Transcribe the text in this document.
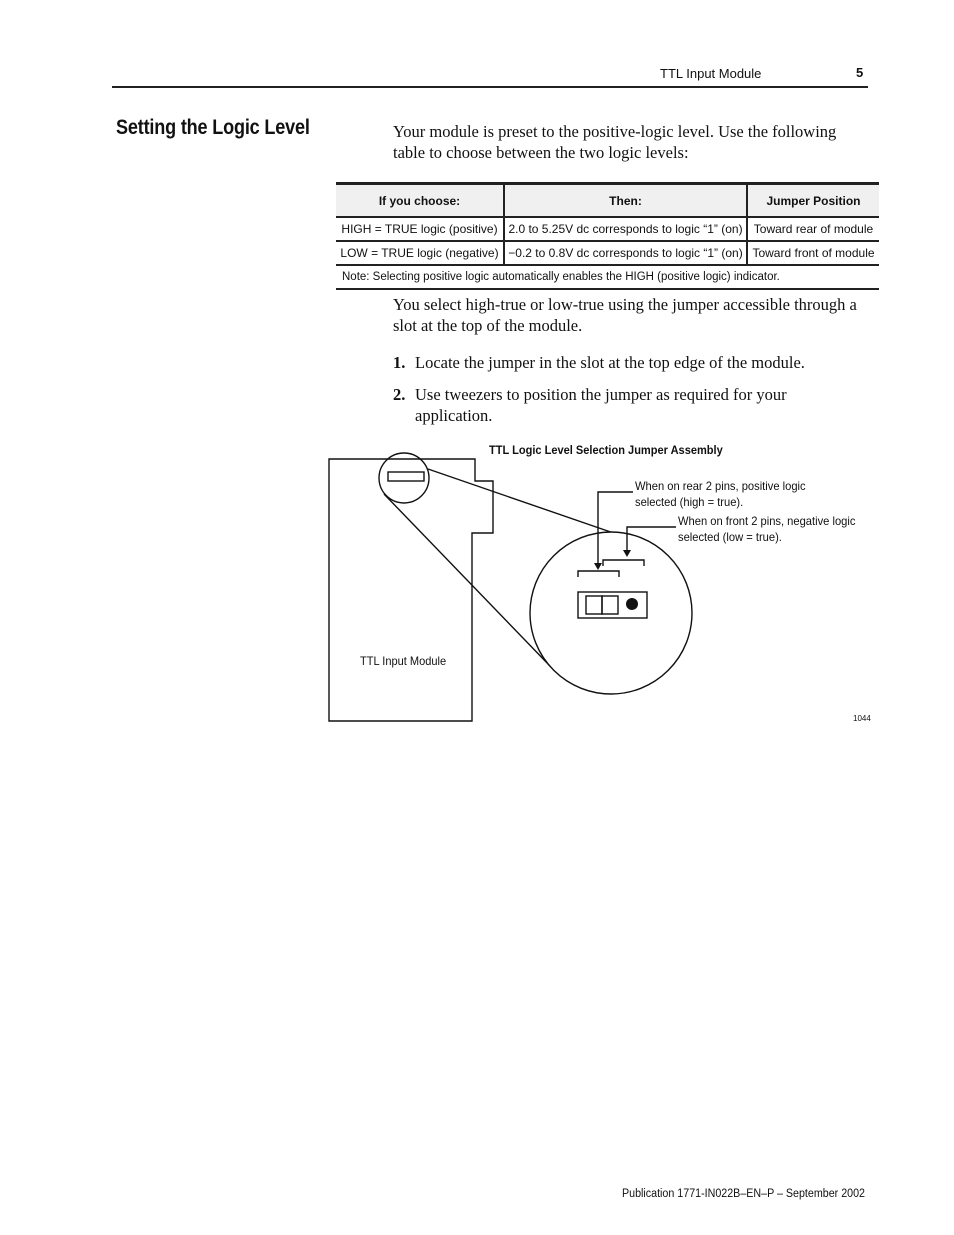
TTL Input Module	5
Setting the Logic Level	Your module is preset to the positive-logic level. Use the following table to choose between the two logic levels:
If you choose:	Then:	Jumper Position
HIGH = TRUE logic (positive)	2.0 to 5.25V dc corresponds to logic “1” (on)	Toward rear of module
LOW = TRUE logic (negative)	−0.2 to 0.8V dc corresponds to logic “1” (on)	Toward front of module
Note: Selecting positive logic automatically enables the HIGH (positive logic) indicator.		
You select high-true or low-true using the jumper accessible through a slot at the top of the module.
1. Locate the jumper in the slot at the top edge of the module.
2. Use tweezers to position the jumper as required for your application.
TTL Logic Level Selection Jumper Assembly
When on rear 2 pins, positive logic selected (high = true).
When on front 2 pins, negative logic selected (low = true).
TTL Input Module
1044
Publication 1771-IN022B–EN–P – September 2002
